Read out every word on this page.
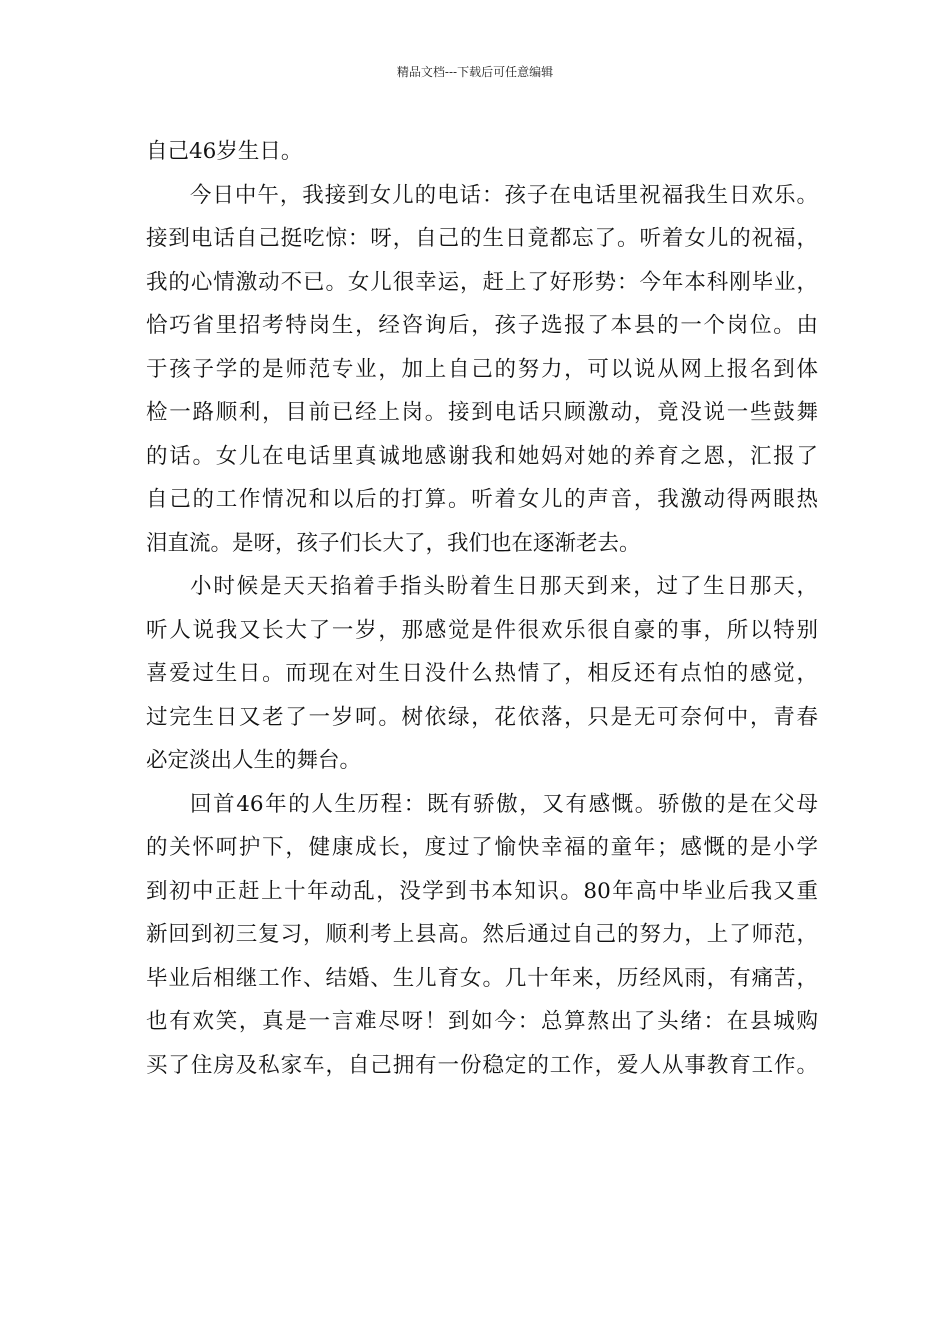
精品文档---下载后可任意编辑
自己46岁生日。
今日中午，我接到女儿的电话：孩子在电话里祝福我生日欢乐。
接到电话自己挺吃惊：呀，自己的生日竟都忘了。听着女儿的祝福，
我的心情激动不已。女儿很幸运，赶上了好形势：今年本科刚毕业，
恰巧省里招考特岗生，经咨询后，孩子选报了本县的一个岗位。由
于孩子学的是师范专业，加上自己的努力，可以说从网上报名到体
检一路顺利，目前已经上岗。接到电话只顾激动，竟没说一些鼓舞
的话。女儿在电话里真诚地感谢我和她妈对她的养育之恩，汇报了
自己的工作情况和以后的打算。听着女儿的声音，我激动得两眼热
泪直流。是呀，孩子们长大了，我们也在逐渐老去。
小时候是天天掐着手指头盼着生日那天到来，过了生日那天，
听人说我又长大了一岁，那感觉是件很欢乐很自豪的事，所以特别
喜爱过生日。而现在对生日没什么热情了，相反还有点怕的感觉，
过完生日又老了一岁呵。树依绿，花依落，只是无可奈何中，青春
必定淡出人生的舞台。
回首46年的人生历程：既有骄傲，又有感慨。骄傲的是在父母
的关怀呵护下，健康成长，度过了愉快幸福的童年；感慨的是小学
到初中正赶上十年动乱，没学到书本知识。80年高中毕业后我又重
新回到初三复习，顺利考上县高。然后通过自己的努力，上了师范，
毕业后相继工作、结婚、生儿育女。几十年来，历经风雨，有痛苦，
也有欢笑，真是一言难尽呀！到如今：总算熬出了头绪：在县城购
买了住房及私家车，自己拥有一份稳定的工作，爱人从事教育工作。
